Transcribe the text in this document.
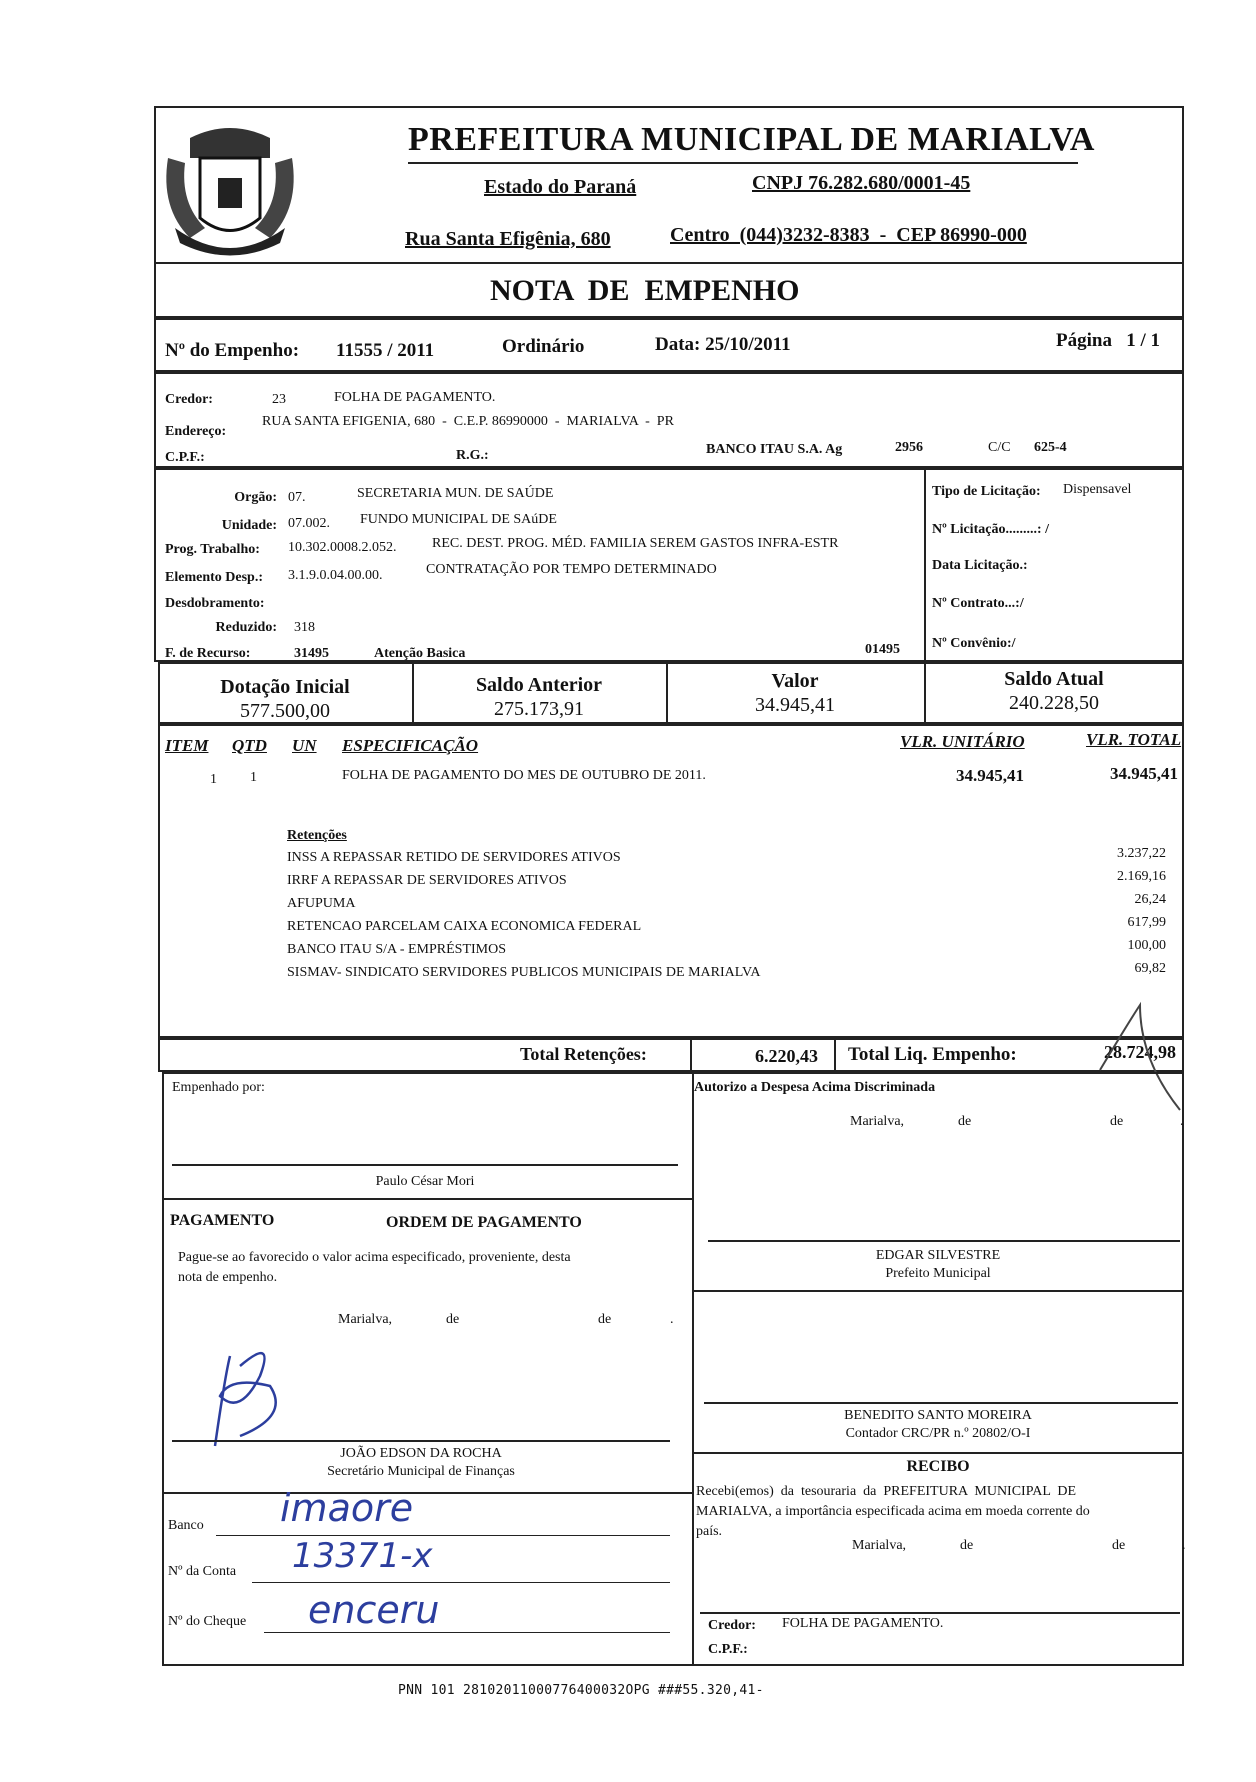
PREFEITURA MUNICIPAL DE MARIALVA
Estado do Paraná	CNPJ 76.282.680/0001-45
Rua Santa Efigênia, 680	Centro  (044)3232-8383  -  CEP 86990-000
NOTA  DE  EMPENHO
Nº do Empenho: 11555 / 2011	Ordinário	Data: 25/10/2011	Página   1 / 1
Credor:	23	FOLHA DE PAGAMENTO.
Endereço:
RUA SANTA EFIGENIA, 680  -  C.E.P. 86990000  -  MARIALVA  -  PR
C.P.F.:	R.G.:	BANCO ITAU S.A. Ag	2956	C/C 625-4
Orgão: 07.	SECRETARIA MUN. DE SAÚDE
Unidade: 07.002. FUNDO MUNICIPAL DE SAúDE
Prog. Trabalho: 10.302.0008.2.052.	REC. DEST. PROG. MÉD. FAMILIA SEREM GASTOS INFRA-ESTR
Elemento Desp.: 3.1.9.0.04.00.00.	CONTRATAÇÃO POR TEMPO DETERMINADO
Desdobramento:
Reduzido: 318
F. de Recurso:	31495	Atenção Basica	01495
Tipo de Licitação: Dispensavel
Nº Licitação.........: /
Data Licitação.:
Nº Contrato...:/
Nº Convênio:/
Dotação Inicial
577.500,00
Saldo Anterior
275.173,91
Valor
34.945,41
Saldo Atual
240.228,50
ITEM QTD UN ESPECIFICAÇÃO	VLR. UNITÁRIO	VLR. TOTAL
1 1	FOLHA DE PAGAMENTO DO MES DE OUTUBRO DE 2011.	34.945,41	34.945,41
Retenções
INSS A REPASSAR RETIDO DE SERVIDORES ATIVOS	3.237,22
IRRF A REPASSAR DE SERVIDORES ATIVOS	2.169,16
AFUPUMA	26,24
RETENCAO PARCELAM CAIXA ECONOMICA FEDERAL	617,99
BANCO ITAU S/A - EMPRÉSTIMOS	100,00
SISMAV- SINDICATO SERVIDORES PUBLICOS MUNICIPAIS DE MARIALVA	69,82
Total Retenções:	6.220,43 Total Liq. Empenho:	28.724,98
Empenhado por:
Paulo César Mori
PAGAMENTO	ORDEM DE PAGAMENTO
Pague-se ao favorecido o valor acima especificado, proveniente, desta
nota de empenho.
Marialva,	de	de	.
JOÃO EDSON DA ROCHA
Secretário Municipal de Finanças
Banco imaore
Nº da Conta 13371-x
Nº do Cheque enceru
Autorizo a Despesa Acima Discriminada
Marialva,	de	de	.
EDGAR SILVESTRE
Prefeito Municipal
BENEDITO SANTO MOREIRA
Contador CRC/PR n.º 20802/O-I
RECIBO
Recebi(emos)  da  tesouraria  da  PREFEITURA  MUNICIPAL  DE
MARIALVA, a importância especificada acima em moeda corrente do
país.
Marialva,	de	de	.
Credor: FOLHA DE PAGAMENTO.
C.P.F.:
PNN 101 28102011000776400032OPG ###55.320,41-
